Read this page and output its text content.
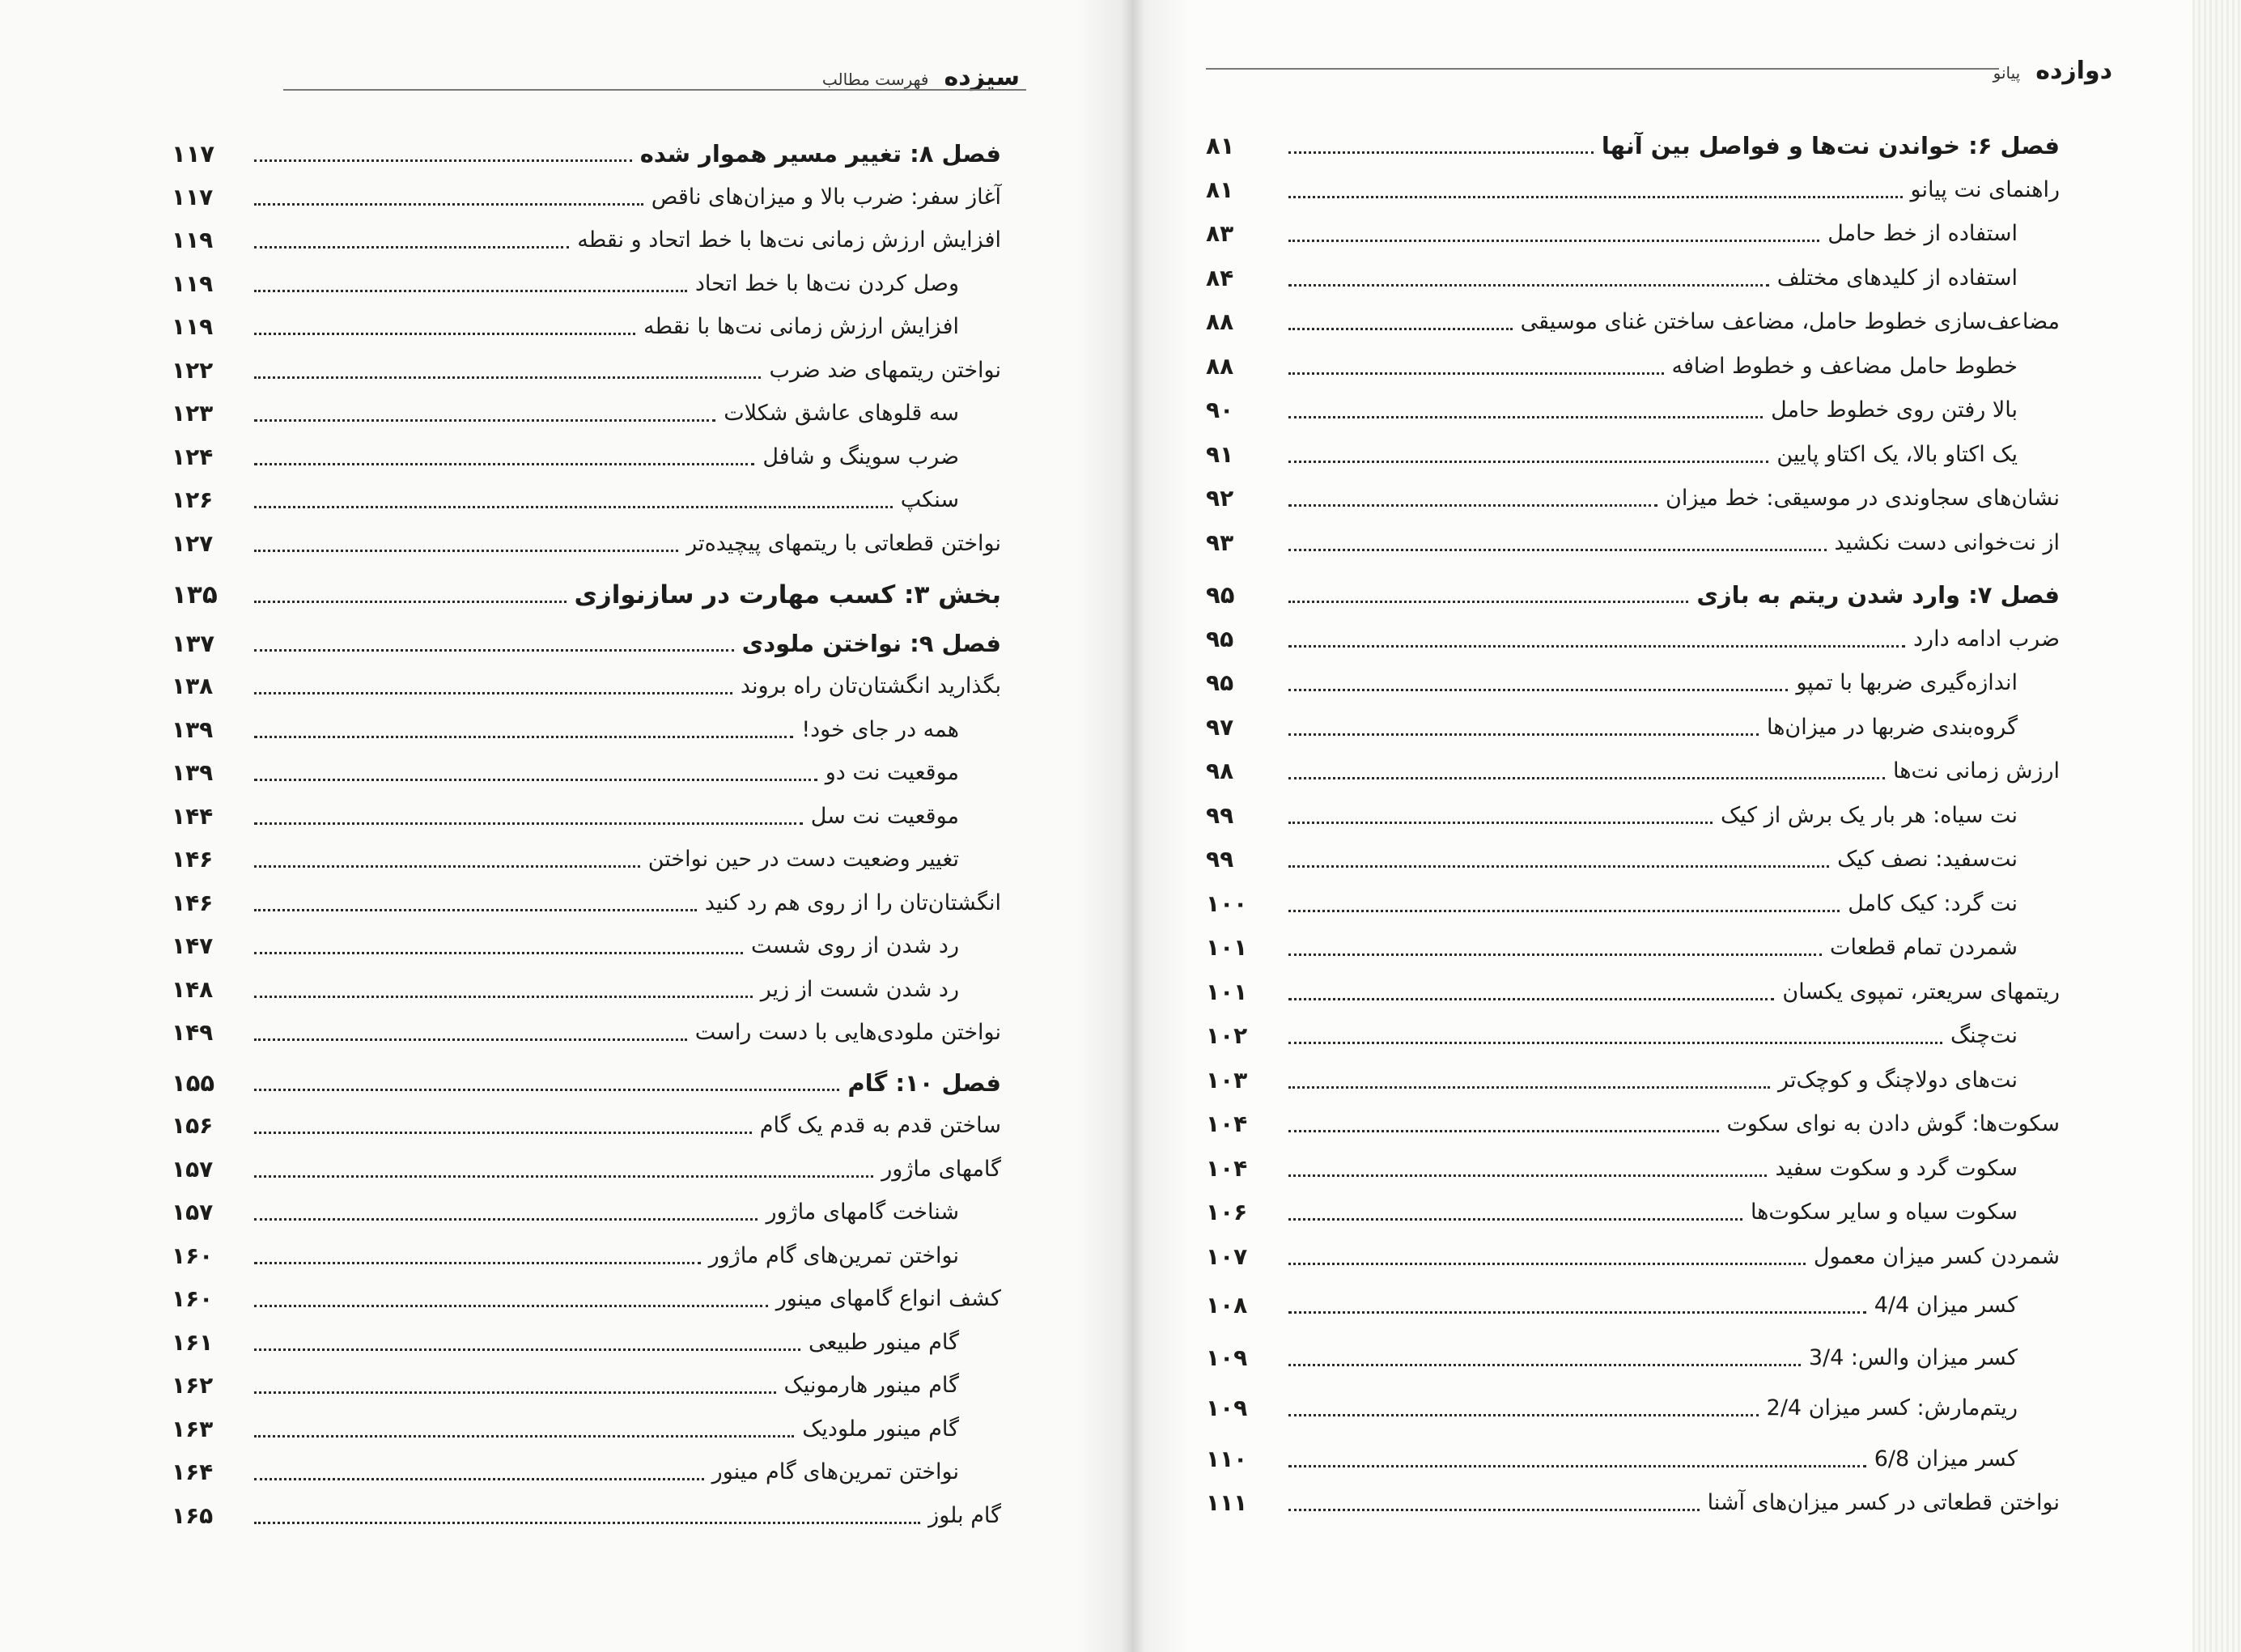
سیزده فهرست مطالب
فصل ۸: تغییر مسیر هموار شده
۱۱۷
آغاز سفر: ضرب بالا و میزان‌های ناقص
۱۱۷
افزایش ارزش زمانی نت‌ها با خط اتحاد و نقطه
۱۱۹
وصل کردن نت‌ها با خط اتحاد
۱۱۹
افزایش ارزش زمانی نت‌ها با نقطه
۱۱۹
نواختن ریتمهای ضد ضرب
۱۲۲
سه قلوهای عاشق شکلات
۱۲۳
ضرب سوینگ و شافل
۱۲۴
سنکپ
۱۲۶
نواختن قطعاتی با ریتمهای پیچیده‌تر
۱۲۷
بخش ۳: کسب مهارت در سازنوازی
۱۳۵
فصل ۹: نواختن ملودی
۱۳۷
بگذارید انگشتان‌تان راه بروند
۱۳۸
همه در جای خود!
۱۳۹
موقعیت نت دو
۱۳۹
موقعیت نت سل
۱۴۴
تغییر وضعیت دست در حین نواختن
۱۴۶
انگشتان‌تان را از روی هم رد کنید
۱۴۶
رد شدن از روی شست
۱۴۷
رد شدن شست از زیر
۱۴۸
نواختن ملودی‌هایی با دست راست
۱۴۹
فصل ۱۰: گام
۱۵۵
ساختن قدم به قدم یک گام
۱۵۶
گامهای ماژور
۱۵۷
شناخت گامهای ماژور
۱۵۷
نواختن تمرین‌های گام ماژور
۱۶۰
کشف انواع گامهای مینور
۱۶۰
گام مینور طبیعی
۱۶۱
گام مینور هارمونیک
۱۶۲
گام مینور ملودیک
۱۶۳
نواختن تمرین‌های گام مینور
۱۶۴
گام بلوز
۱۶۵
دوازده پیانو
فصل ۶: خواندن نت‌ها و فواصل بین آنها
۸۱
راهنمای نت پیانو
۸۱
استفاده از خط حامل
۸۳
استفاده از کلیدهای مختلف
۸۴
مضاعف‌سازی خطوط حامل، مضاعف ساختن غنای موسیقی
۸۸
خطوط حامل مضاعف و خطوط اضافه
۸۸
بالا رفتن روی خطوط حامل
۹۰
یک اکتاو بالا، یک اکتاو پایین
۹۱
نشان‌های سجاوندی در موسیقی: خط میزان
۹۲
از نت‌خوانی دست نکشید
۹۳
فصل ۷: وارد شدن ریتم به بازی
۹۵
ضرب ادامه دارد
۹۵
اندازه‌گیری ضربها با تمپو
۹۵
گروه‌بندی ضربها در میزان‌ها
۹۷
ارزش زمانی نت‌ها
۹۸
نت سیاه: هر بار یک برش از کیک
۹۹
نت‌سفید: نصف کیک
۹۹
نت گرد: کیک کامل
۱۰۰
شمردن تمام قطعات
۱۰۱
ریتمهای سریعتر، تمپوی یکسان
۱۰۱
نت‌چنگ
۱۰۲
نت‌های دولاچنگ و کوچک‌تر
۱۰۳
سکوت‌ها: گوش دادن به نوای سکوت
۱۰۴
سکوت گرد و سکوت سفید
۱۰۴
سکوت سیاه و سایر سکوت‌ها
۱۰۶
شمردن کسر میزان معمول
۱۰۷
کسر میزان 4/4
۱۰۸
کسر میزان والس: 3/4
۱۰۹
ریتم‌مارش: کسر میزان 2/4
۱۰۹
کسر میزان 6/8
۱۱۰
نواختن قطعاتی در کسر میزان‌های آشنا
۱۱۱
